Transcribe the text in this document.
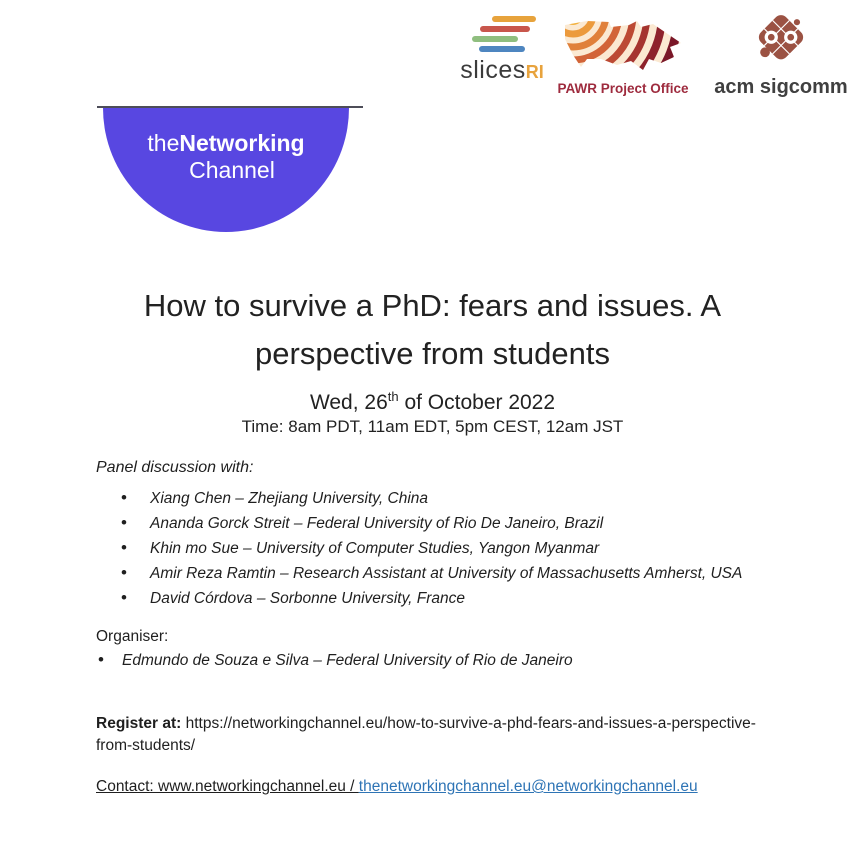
slicesRI
PAWR Project Office	acm sigcomm
theNetworking
Channel
How to survive a PhD: fears and issues. A
perspective from students
Wed, 26th of October 2022
Time: 8am PDT, 11am EDT, 5pm CEST, 12am JST
Panel discussion with:
• Xiang Chen – Zhejiang University, China
• Ananda Gorck Streit – Federal University of Rio De Janeiro, Brazil
• Khin mo Sue – University of Computer Studies, Yangon Myanmar
• Amir Reza Ramtin – Research Assistant at University of Massachusetts Amherst, USA
• David Córdova – Sorbonne University, France
Organiser:
• Edmundo de Souza e Silva – Federal University of Rio de Janeiro

Register at: https://networkingchannel.eu/how-to-survive-a-phd-fears-and-issues-a-perspective-from-students/

Contact: www.networkingchannel.eu / thenetworkingchannel.eu@networkingchannel.eu
